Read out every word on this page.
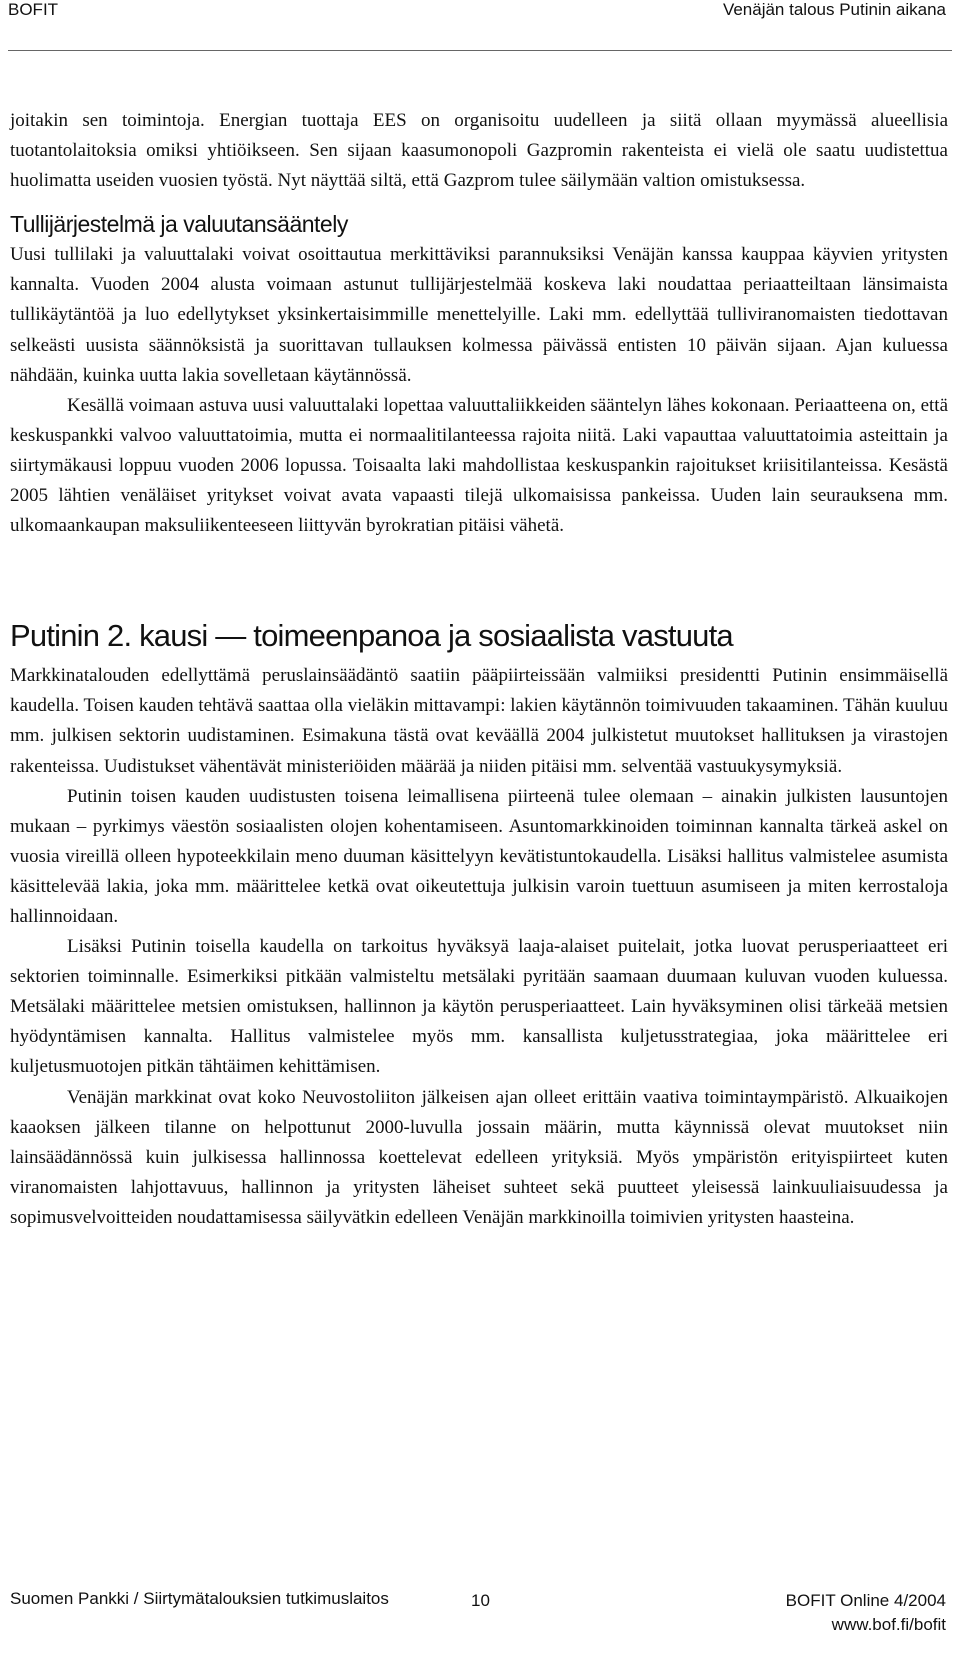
BOFIT	Venäjän talous Putinin aikana

joitakin sen toimintoja. Energian tuottaja EES on organisoitu uudelleen ja siitä ollaan myymässä alueellisia tuotantolaitoksia omiksi yhtiöikseen. Sen sijaan kaasumonopoli Gazpromin rakenteista ei vielä ole saatu uudistettua huolimatta useiden vuosien työstä. Nyt näyttää siltä, että Gazprom tulee säilymään valtion omistuksessa.

Tullijärjestelmä ja valuutansääntely

Uusi tullilaki ja valuuttalaki voivat osoittautua merkittäviksi parannuksiksi Venäjän kanssa kauppaa käyvien yritysten kannalta. Vuoden 2004 alusta voimaan astunut tullijärjestelmää koskeva laki noudattaa periaatteiltaan länsimaista tullikäytäntöä ja luo edellytykset yksinkertaisimmille menettelyille. Laki mm. edellyttää tulliviranomaisten tiedottavan selkeästi uusista säännöksistä ja suorittavan tullauksen kolmessa päivässä entisten 10 päivän sijaan. Ajan kuluessa nähdään, kuinka uutta lakia sovelletaan käytännössä.

Kesällä voimaan astuva uusi valuuttalaki lopettaa valuuttaliikkeiden sääntelyn lähes kokonaan. Periaatteena on, että keskuspankki valvoo valuuttatoimia, mutta ei normaalitilanteessa rajoita niitä. Laki vapauttaa valuuttatoimia asteittain ja siirtymäkausi loppuu vuoden 2006 lopussa. Toisaalta laki mahdollistaa keskuspankin rajoitukset kriisitilanteissa. Kesästä 2005 lähtien venäläiset yritykset voivat avata vapaasti tilejä ulkomaisissa pankeissa. Uuden lain seurauksena mm. ulkomaankaupan maksuliikenteeseen liittyvän byrokratian pitäisi vähetä.

Putinin 2. kausi — toimeenpanoa ja sosiaalista vastuuta

Markkinatalouden edellyttämä peruslainsäädäntö saatiin pääpiirteissään valmiiksi presidentti Putinin ensimmäisellä kaudella. Toisen kauden tehtävä saattaa olla vieläkin mittavampi: lakien käytännön toimivuuden takaaminen. Tähän kuuluu mm. julkisen sektorin uudistaminen. Esimakuna tästä ovat keväällä 2004 julkistetut muutokset hallituksen ja virastojen rakenteissa. Uudistukset vähentävät ministeriöiden määrää ja niiden pitäisi mm. selventää vastuukysymyksiä.

Putinin toisen kauden uudistusten toisena leimallisena piirteenä tulee olemaan – ainakin julkisten lausuntojen mukaan – pyrkimys väestön sosiaalisten olojen kohentamiseen. Asuntomarkkinoiden toiminnan kannalta tärkeä askel on vuosia vireillä olleen hypoteekkilain meno duuman käsittelyyn kevätistuntokaudella. Lisäksi hallitus valmistelee asumista käsittelevää lakia, joka mm. määrittelee ketkä ovat oikeutettuja julkisin varoin tuettuun asumiseen ja miten kerrostaloja hallinnoidaan.

Lisäksi Putinin toisella kaudella on tarkoitus hyväksyä laaja-alaiset puitelait, jotka luovat perusperiaatteet eri sektorien toiminnalle. Esimerkiksi pitkään valmisteltu metsälaki pyritään saamaan duumaan kuluvan vuoden kuluessa. Metsälaki määrittelee metsien omistuksen, hallinnon ja käytön perusperiaatteet. Lain hyväksyminen olisi tärkeää metsien hyödyntämisen kannalta. Hallitus valmistelee myös mm. kansallista kuljetusstrategiaa, joka määrittelee eri kuljetusmuotojen pitkän tähtäimen kehittämisen.

Venäjän markkinat ovat koko Neuvostoliiton jälkeisen ajan olleet erittäin vaativa toimintaympäristö. Alkuaikojen kaaoksen jälkeen tilanne on helpottunut 2000-luvulla jossain määrin, mutta käynnissä olevat muutokset niin lainsäädännössä kuin julkisessa hallinnossa koettelevat edelleen yrityksiä. Myös ympäristön erityispiirteet kuten viranomaisten lahjottavuus, hallinnon ja yritysten läheiset suhteet sekä puutteet yleisessä lainkuuliaisuudessa ja sopimusvelvoitteiden noudattamisessa säilyvätkin edelleen Venäjän markkinoilla toimivien yritysten haasteina.

Suomen Pankki / Siirtymätalouksien tutkimuslaitos	10	BOFIT Online 4/2004
www.bof.fi/bofit
